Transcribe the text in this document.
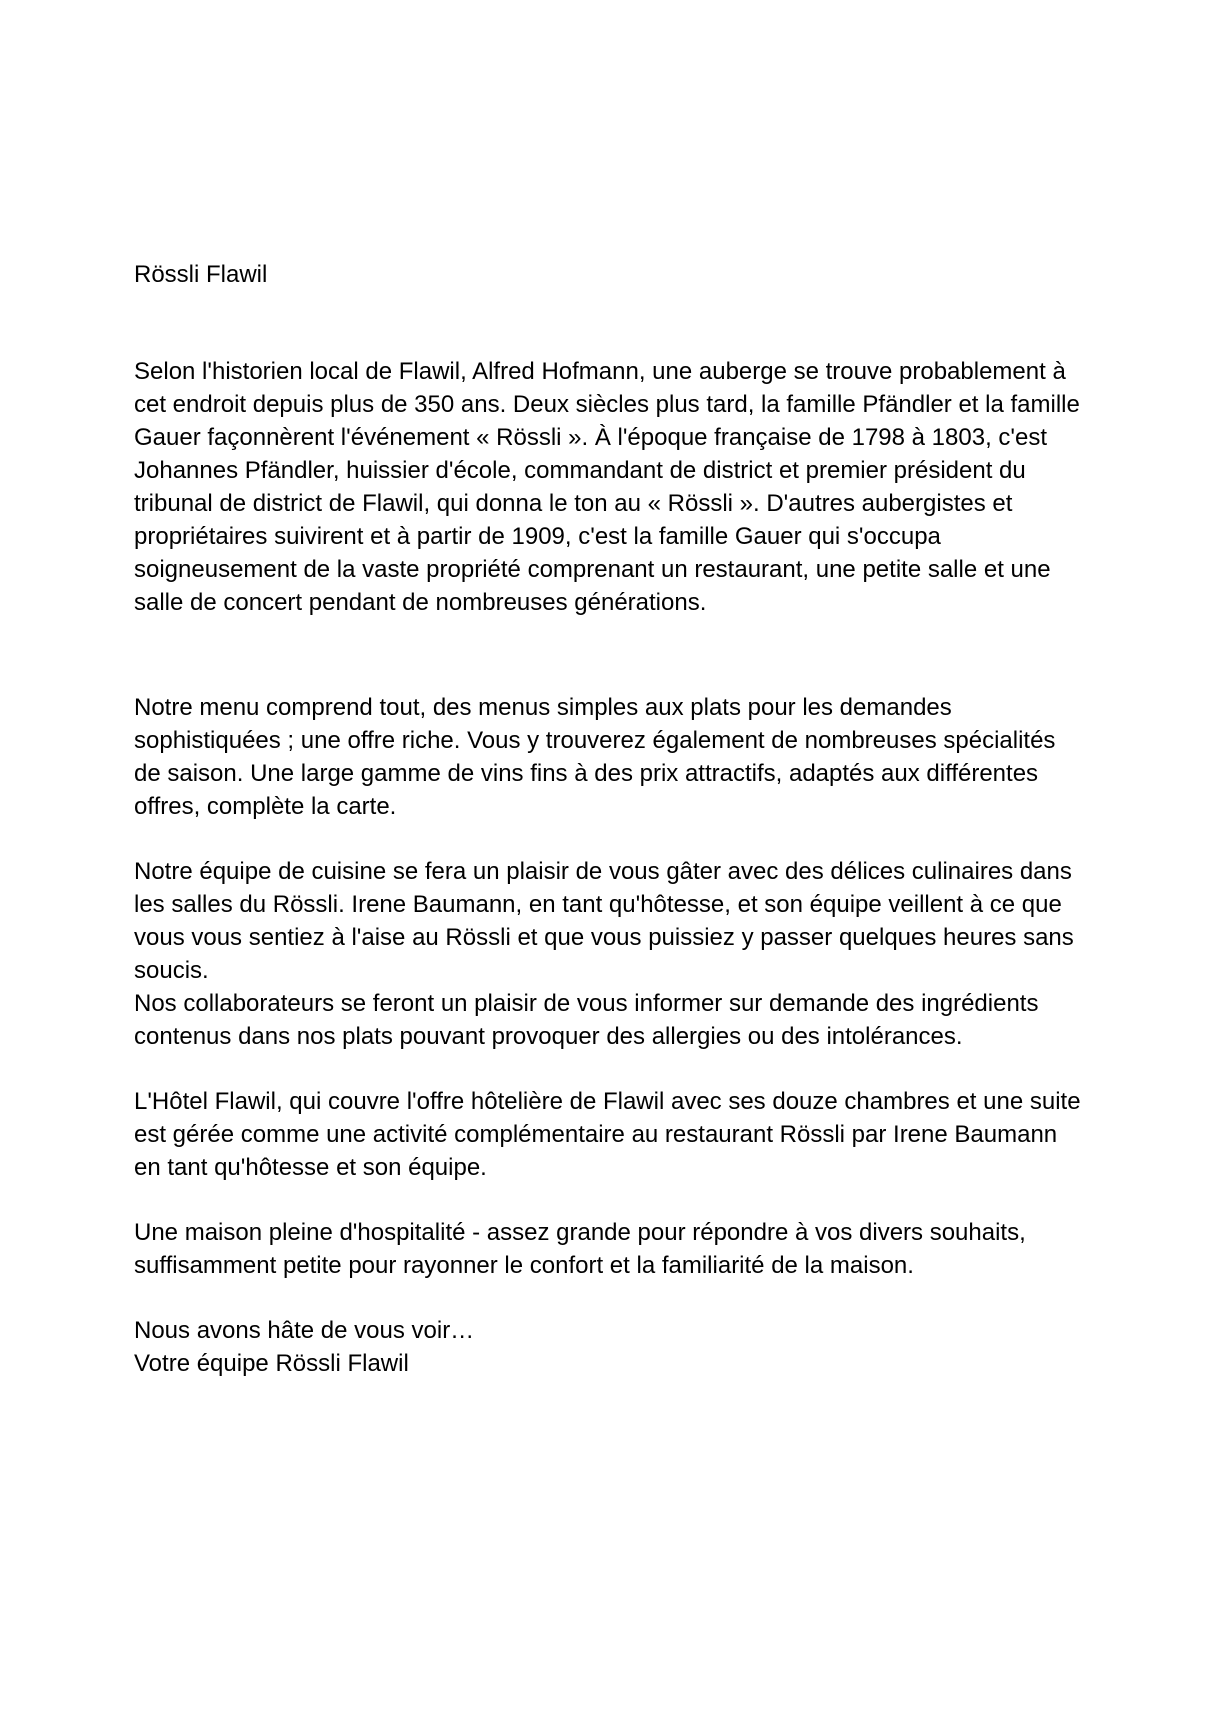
Rössli Flawil
Selon l'historien local de Flawil, Alfred Hofmann, une auberge se trouve probablement à
cet endroit depuis plus de 350 ans. Deux siècles plus tard, la famille Pfändler et la famille
Gauer façonnèrent l'événement « Rössli ». À l'époque française de 1798 à 1803, c'est
Johannes Pfändler, huissier d'école, commandant de district et premier président du
tribunal de district de Flawil, qui donna le ton au « Rössli ». D'autres aubergistes et
propriétaires suivirent et à partir de 1909, c'est la famille Gauer qui s'occupa
soigneusement de la vaste propriété comprenant un restaurant, une petite salle et une
salle de concert pendant de nombreuses générations.
Notre menu comprend tout, des menus simples aux plats pour les demandes
sophistiquées ; une offre riche. Vous y trouverez également de nombreuses spécialités
de saison. Une large gamme de vins fins à des prix attractifs, adaptés aux différentes
offres, complète la carte.
Notre équipe de cuisine se fera un plaisir de vous gâter avec des délices culinaires dans
les salles du Rössli. Irene Baumann, en tant qu'hôtesse, et son équipe veillent à ce que
vous vous sentiez à l'aise au Rössli et que vous puissiez y passer quelques heures sans
soucis.
Nos collaborateurs se feront un plaisir de vous informer sur demande des ingrédients
contenus dans nos plats pouvant provoquer des allergies ou des intolérances.
L'Hôtel Flawil, qui couvre l'offre hôtelière de Flawil avec ses douze chambres et une suite
est gérée comme une activité complémentaire au restaurant Rössli par Irene Baumann
en tant qu'hôtesse et son équipe.
Une maison pleine d'hospitalité - assez grande pour répondre à vos divers souhaits,
suffisamment petite pour rayonner le confort et la familiarité de la maison.
Nous avons hâte de vous voir…
Votre équipe Rössli Flawil
